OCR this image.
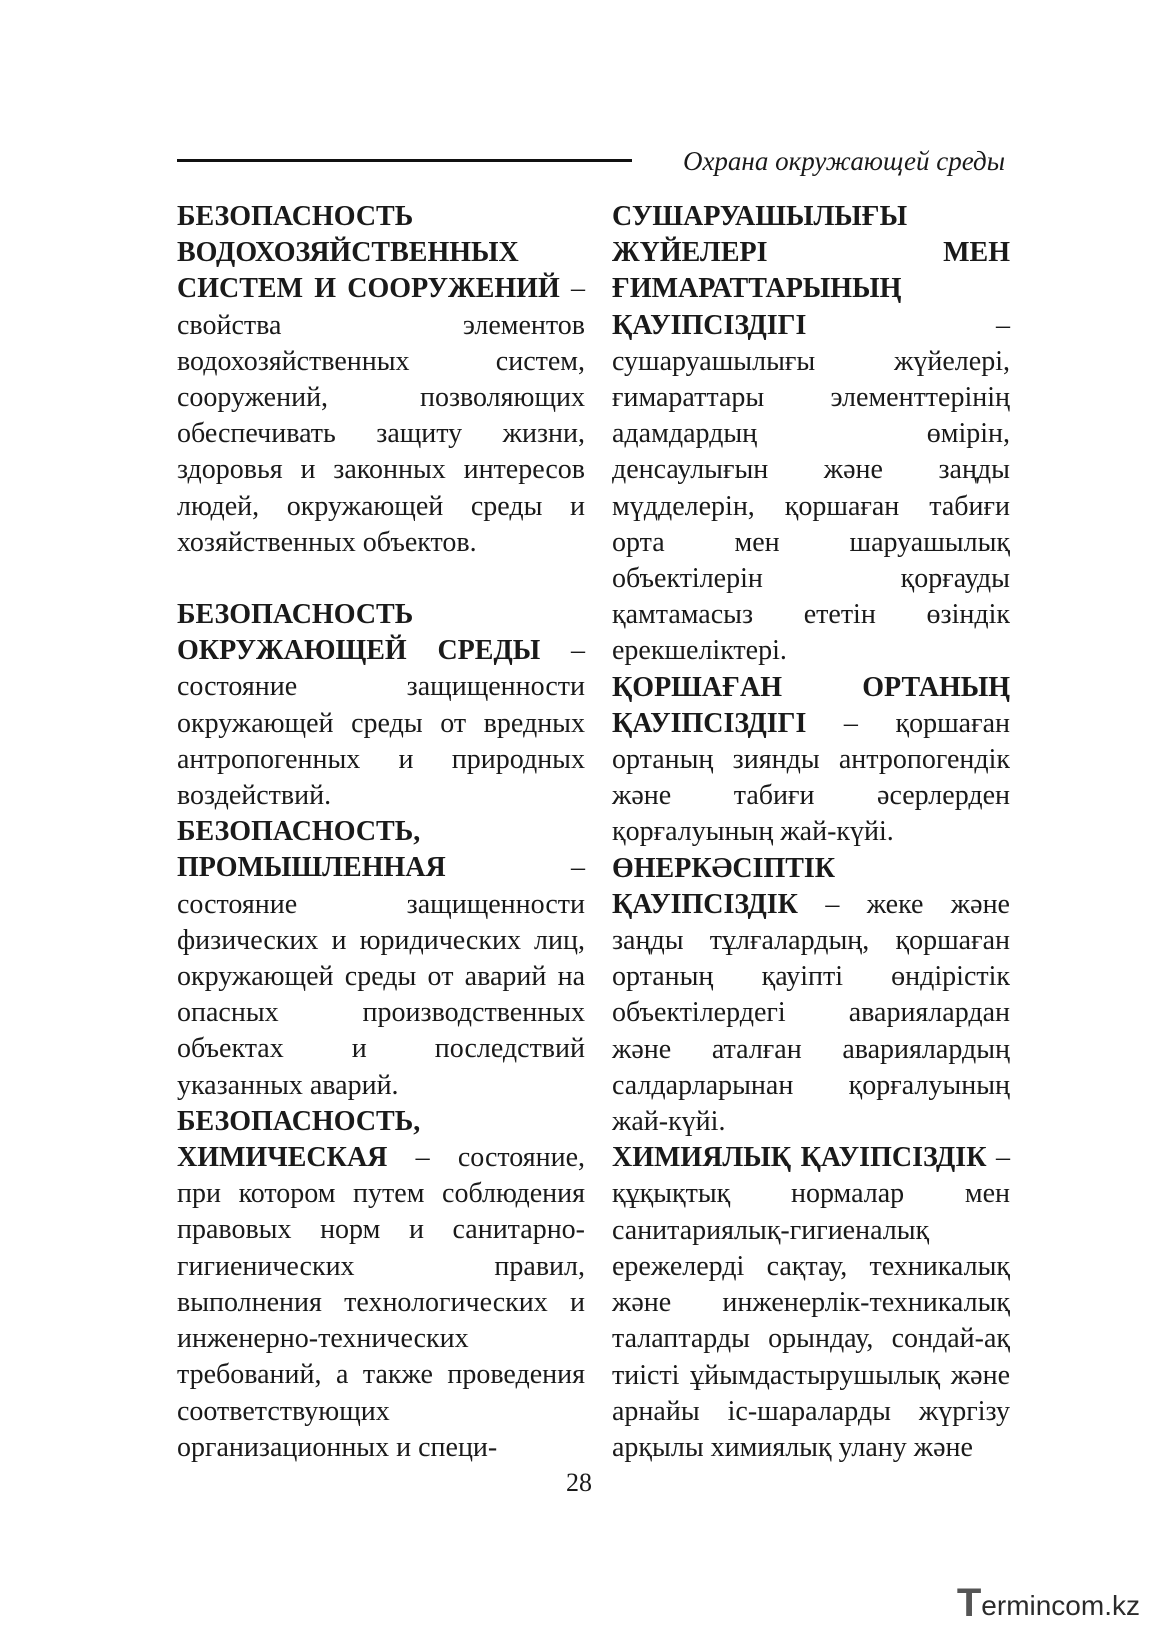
Охрана окружающей среды

БЕЗОПАСНОСТЬ ВОДОХОЗЯЙСТВЕННЫХ СИСТЕМ И СООРУЖЕНИЙ – свойства элементов водохозяйственных систем, сооружений, позволяющих обеспечивать защиту жизни, здоровья и законных интересов людей, окружающей среды и хозяйственных объектов.

БЕЗОПАСНОСТЬ ОКРУЖАЮЩЕЙ СРЕДЫ – состояние защищенности окружающей среды от вредных антропогенных и природных воздействий.

БЕЗОПАСНОСТЬ, ПРОМЫШЛЕННАЯ – состояние защищенности физических и юридических лиц, окружающей среды от аварий на опасных производственных объектах и последствий указанных аварий.

БЕЗОПАСНОСТЬ, ХИМИЧЕСКАЯ – состояние, при котором путем соблюдения правовых норм и санитарно-гигиенических правил, выполнения технологических и инженерно-технических требований, а также проведения соответствующих организационных и специ-

СУШАРУАШЫЛЫҒЫ ЖҮЙЕЛЕРІ МЕН ҒИМАРАТТАРЫНЫҢ ҚАУІПСІЗДІГІ – сушаруашылығы жүйелері, ғимараттары элементтерінің адамдардың өмірін, денсаулығын және заңды мүдделерін, қоршаған табиғи орта мен шаруашылық объектілерін қорғауды қамтамасыз ететін өзіндік ерекшеліктері.

ҚОРШАҒАН ОРТАНЫҢ ҚАУІПСІЗДІГІ – қоршаған ортаның зиянды антропогендік және табиғи әсерлерден қорғалуының жай-күйі.

ӨНЕРКӘСІПТІК ҚАУІПСІЗДІК – жеке және заңды тұлғалардың, қоршаған ортаның қауіпті өндірістік объектілердегі авариялардан және аталған авариялардың салдарларынан қорғалуының жай-күйі.

ХИМИЯЛЫҚ ҚАУІПСІЗДІК – құқықтық нормалар мен санитариялық-гигиеналық ережелерді сақтау, техникалық және инженерлік-техникалық талаптарды орындау, сондай-ақ тиісті ұйымдастырушылық және арнайы іс-шараларды жүргізу арқылы химиялық улану және

28
T ermincom.kz
